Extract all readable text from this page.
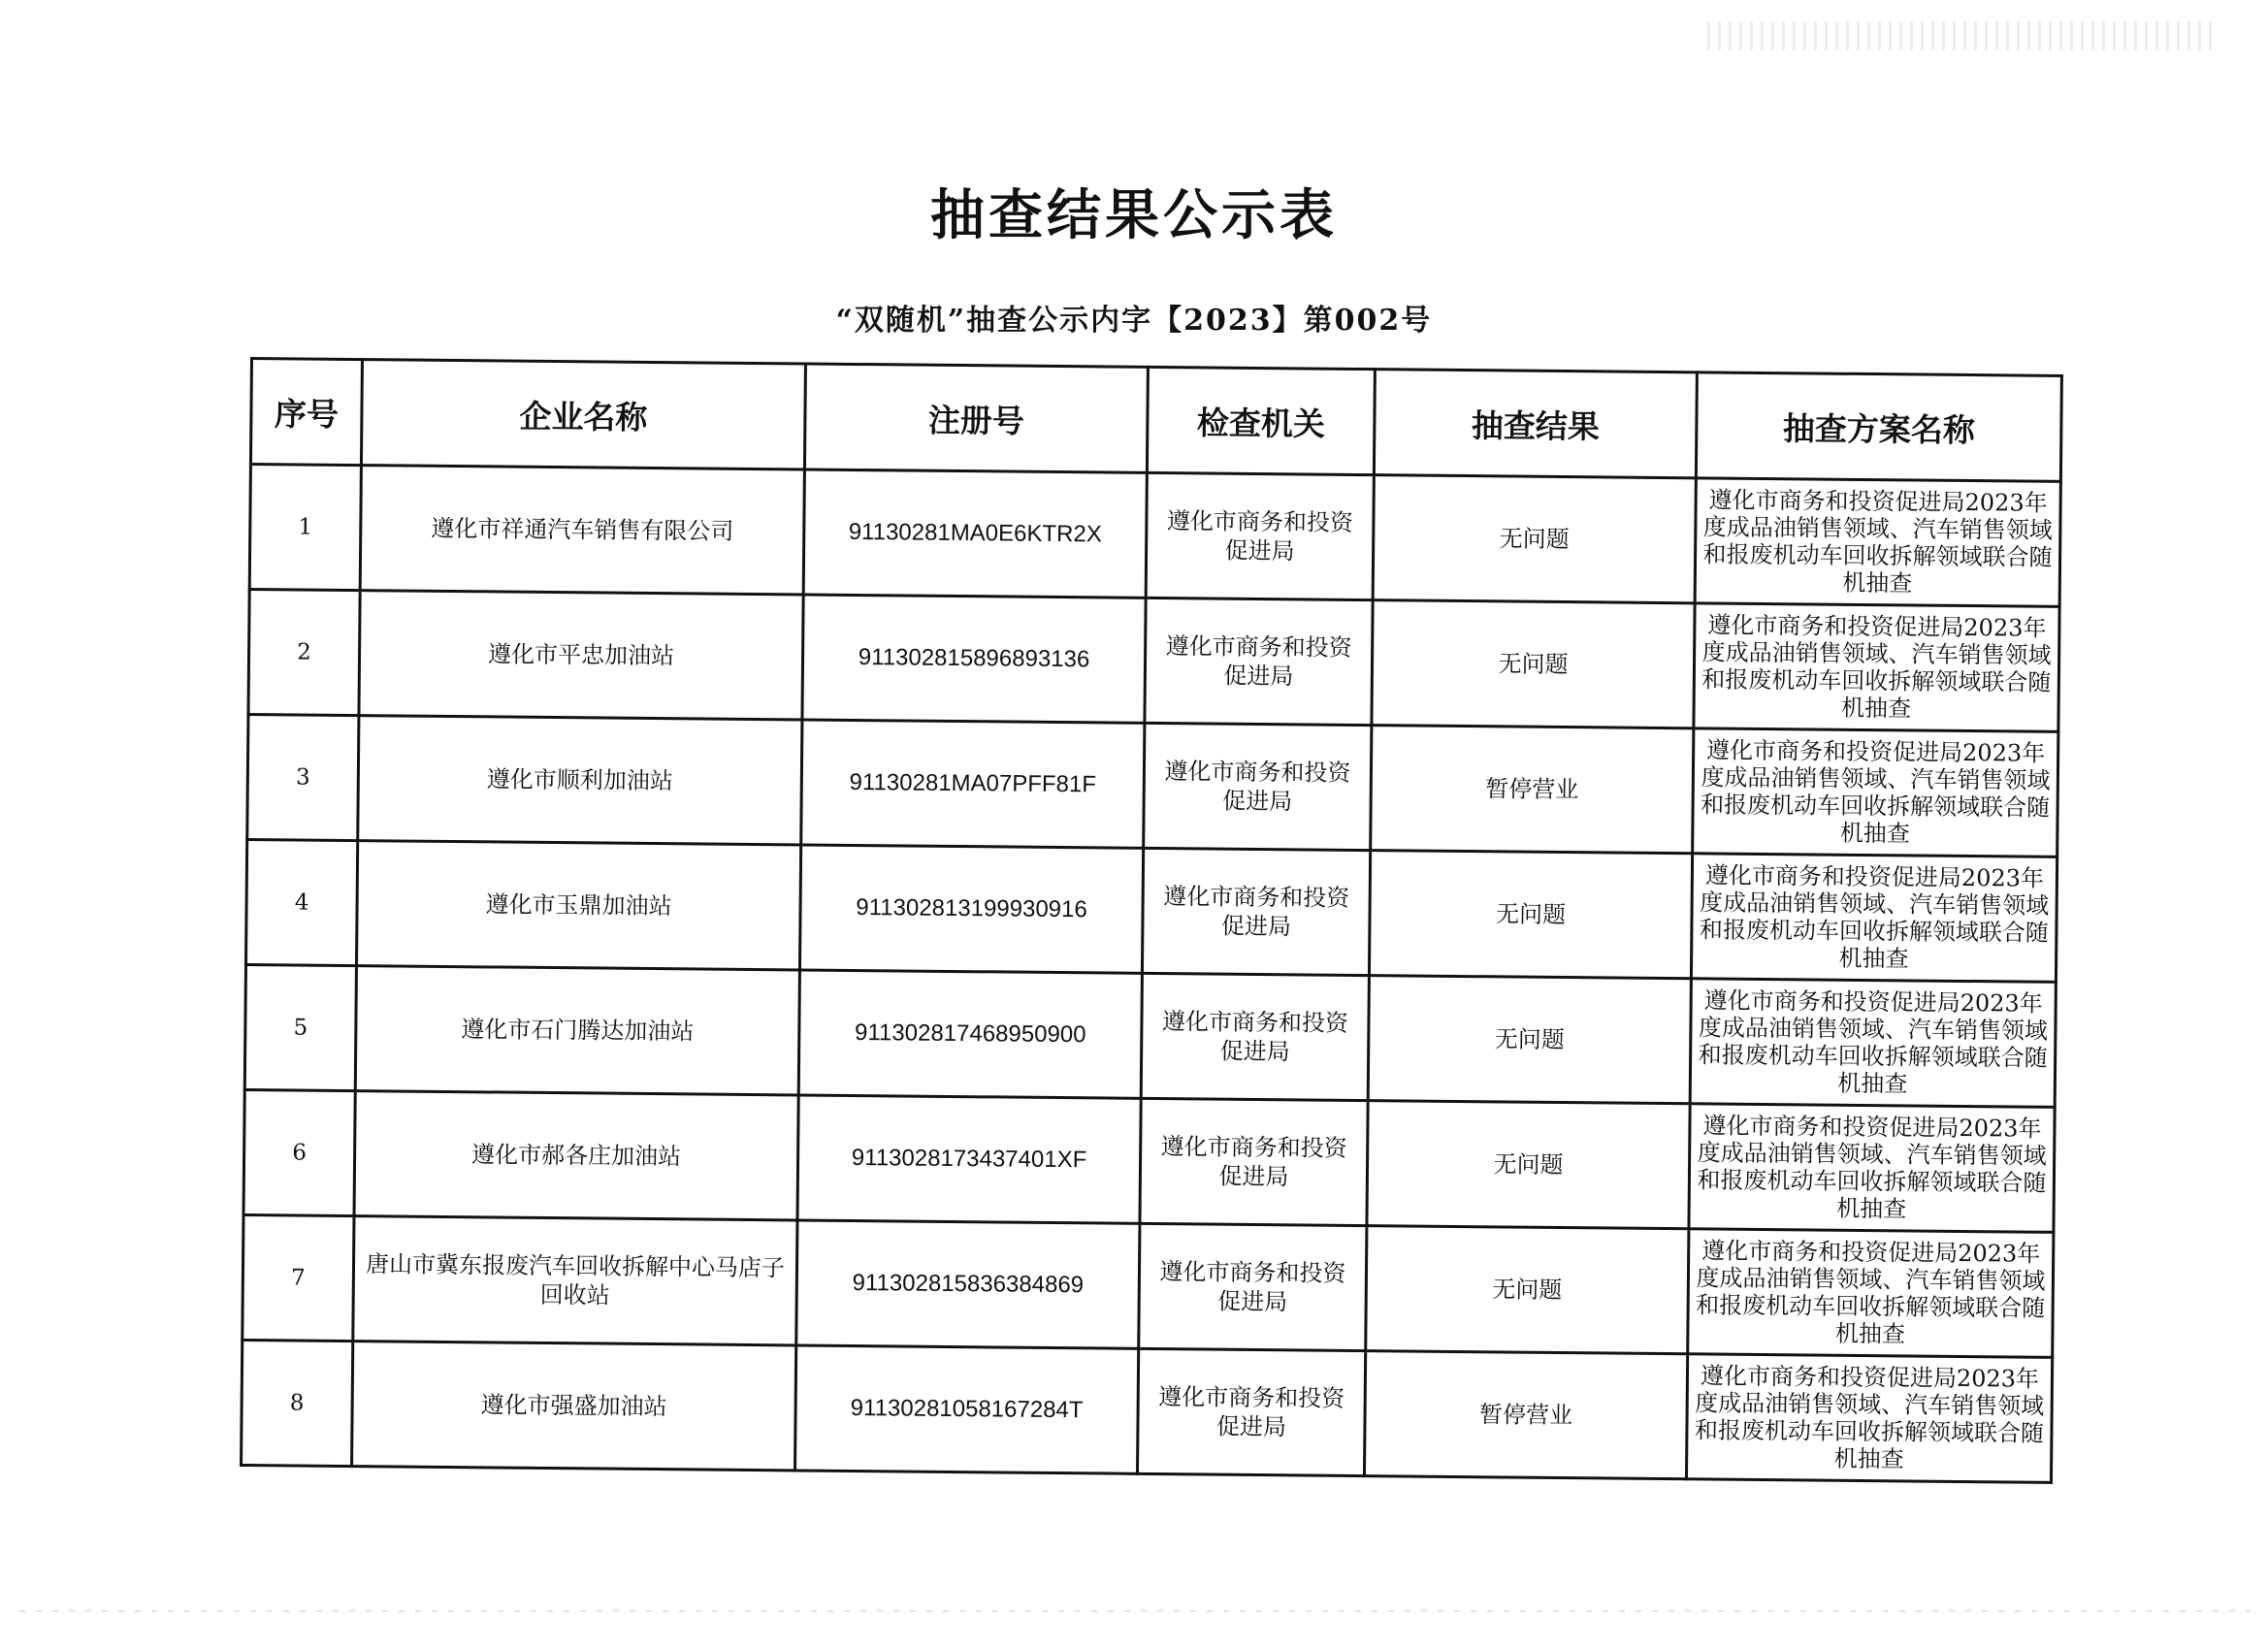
抽查结果公示表
“双随机”抽查公示内字【2023】第002号
序号	企业名称	注册号	检查机关	抽查结果	抽查方案名称
1	遵化市祥通汽车销售有限公司	91130281MA0E6KTR2X	遵化市商务和投资促进局	无问题	遵化市商务和投资促进局2023年度成品油销售领域、汽车销售领域和报废机动车回收拆解领域联合随机抽查
2	遵化市平忠加油站	911302815896893136	遵化市商务和投资促进局	无问题	遵化市商务和投资促进局2023年度成品油销售领域、汽车销售领域和报废机动车回收拆解领域联合随机抽查
3	遵化市顺利加油站	91130281MA07PFF81F	遵化市商务和投资促进局	暂停营业	遵化市商务和投资促进局2023年度成品油销售领域、汽车销售领域和报废机动车回收拆解领域联合随机抽查
4	遵化市玉鼎加油站	911302813199930916	遵化市商务和投资促进局	无问题	遵化市商务和投资促进局2023年度成品油销售领域、汽车销售领域和报废机动车回收拆解领域联合随机抽查
5	遵化市石门腾达加油站	911302817468950900	遵化市商务和投资促进局	无问题	遵化市商务和投资促进局2023年度成品油销售领域、汽车销售领域和报废机动车回收拆解领域联合随机抽查
6	遵化市郝各庄加油站	9113028173437401XF	遵化市商务和投资促进局	无问题	遵化市商务和投资促进局2023年度成品油销售领域、汽车销售领域和报废机动车回收拆解领域联合随机抽查
7	唐山市冀东报废汽车回收拆解中心马店子回收站	911302815836384869	遵化市商务和投资促进局	无问题	遵化市商务和投资促进局2023年度成品油销售领域、汽车销售领域和报废机动车回收拆解领域联合随机抽查
8	遵化市强盛加油站	91130281058167284T	遵化市商务和投资促进局	暂停营业	遵化市商务和投资促进局2023年度成品油销售领域、汽车销售领域和报废机动车回收拆解领域联合随机抽查
